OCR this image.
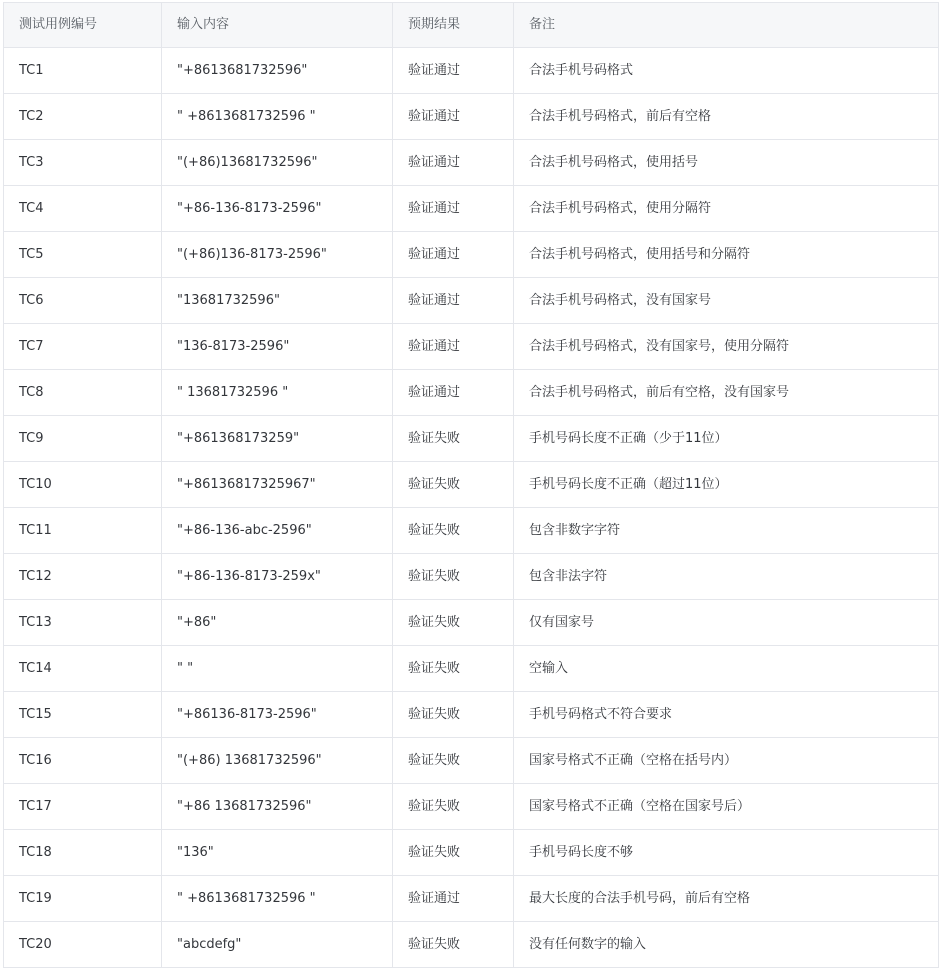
测试用例编号	输入内容	预期结果	备注
TC1	"+8613681732596"	验证通过	合法手机号码格式
TC2	" +8613681732596 "	验证通过	合法手机号码格式，前后有空格
TC3	"(+86)13681732596"	验证通过	合法手机号码格式，使用括号
TC4	"+86-136-8173-2596"	验证通过	合法手机号码格式，使用分隔符
TC5	"(+86)136-8173-2596"	验证通过	合法手机号码格式，使用括号和分隔符
TC6	"13681732596"	验证通过	合法手机号码格式，没有国家号
TC7	"136-8173-2596"	验证通过	合法手机号码格式，没有国家号，使用分隔符
TC8	" 13681732596 "	验证通过	合法手机号码格式，前后有空格，没有国家号
TC9	"+861368173259"	验证失败	手机号码长度不正确（少于11位）
TC10	"+86136817325967"	验证失败	手机号码长度不正确（超过11位）
TC11	"+86-136-abc-2596"	验证失败	包含非数字字符
TC12	"+86-136-8173-259x"	验证失败	包含非法字符
TC13	"+86"	验证失败	仅有国家号
TC14	" "	验证失败	空输入
TC15	"+86136-8173-2596"	验证失败	手机号码格式不符合要求
TC16	"(+86) 13681732596"	验证失败	国家号格式不正确（空格在括号内）
TC17	"+86 13681732596"	验证失败	国家号格式不正确（空格在国家号后）
TC18	"136"	验证失败	手机号码长度不够
TC19	" +8613681732596 "	验证通过	最大长度的合法手机号码，前后有空格
TC20	"abcdefg"	验证失败	没有任何数字的输入
